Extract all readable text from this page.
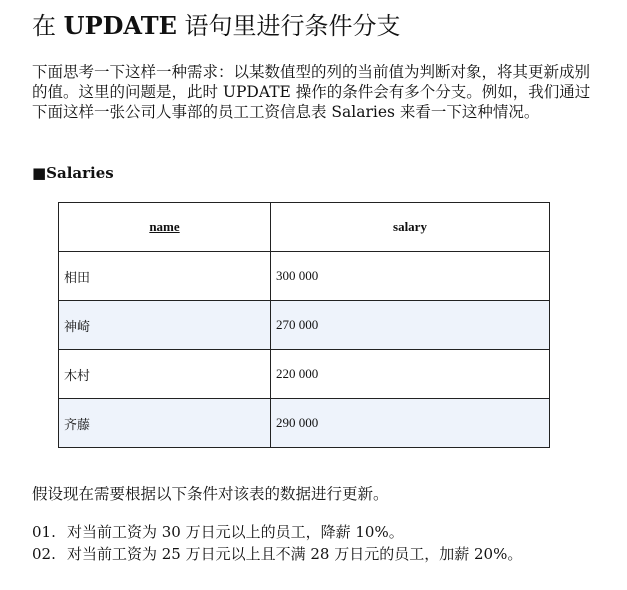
在 UPDATE 语句里进行条件分支

下面思考一下这样一种需求：以某数值型的列的当前值为判断对象，将其更新成别的值。这里的问题是，此时 UPDATE 操作的条件会有多个分支。例如，我们通过下面这样一张公司人事部的员工工资信息表 Salaries 来看一下这种情况。

■Salaries

name	salary
相田	300 000
神崎	270 000
木村	220 000
齐藤	290 000

假设现在需要根据以下条件对该表的数据进行更新。

01. 对当前工资为 30 万日元以上的员工，降薪 10%。
02. 对当前工资为 25 万日元以上且不满 28 万日元的员工，加薪 20%。
